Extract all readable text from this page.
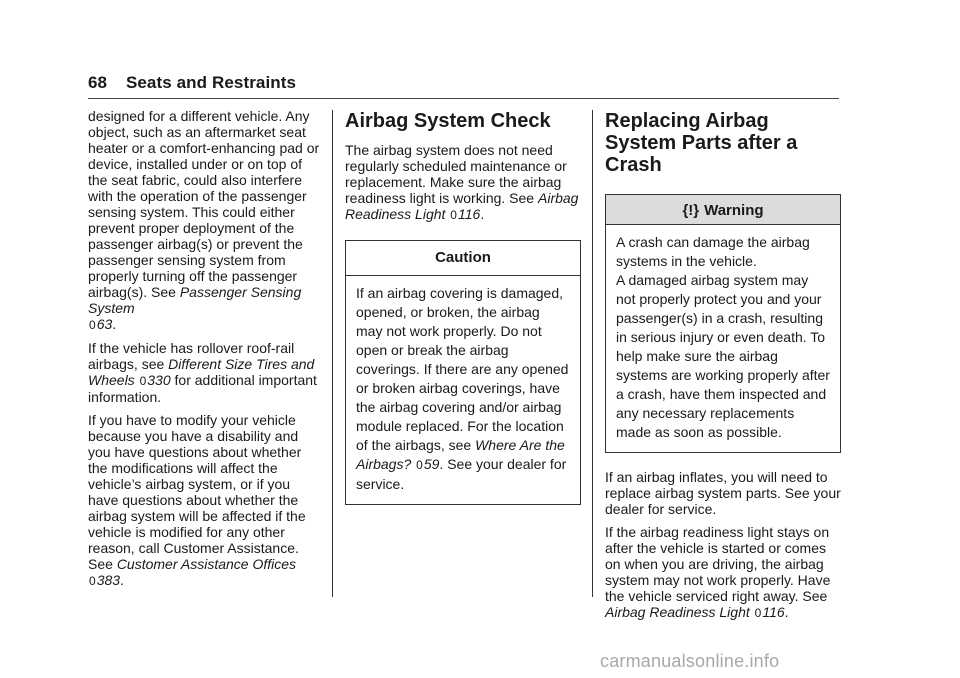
68 Seats and Restraints

designed for a different vehicle. Any object, such as an aftermarket seat heater or a comfort-enhancing pad or device, installed under or on top of the seat fabric, could also interfere with the operation of the passenger sensing system. This could either prevent proper deployment of the passenger airbag(s) or prevent the passenger sensing system from properly turning off the passenger airbag(s). See Passenger Sensing System
063.

If the vehicle has rollover roof-rail airbags, see Different Size Tires and Wheels 0330 for additional important information.

If you have to modify your vehicle because you have a disability and you have questions about whether the modifications will affect the vehicle’s airbag system, or if you have questions about whether the airbag system will be affected if the vehicle is modified for any other reason, call Customer Assistance. See Customer Assistance Offices
0383.

Airbag System Check

The airbag system does not need regularly scheduled maintenance or replacement. Make sure the airbag readiness light is working. See Airbag Readiness Light 0116.

Caution

If an airbag covering is damaged, opened, or broken, the airbag may not work properly. Do not open or break the airbag coverings. If there are any opened or broken airbag coverings, have the airbag covering and/or airbag module replaced. For the location of the airbags, see Where Are the Airbags? 059. See your dealer for service.

Replacing Airbag System Parts after a Crash
{!} Warning

A crash can damage the airbag systems in the vehicle.

A damaged airbag system may not properly protect you and your passenger(s) in a crash, resulting in serious injury or even death. To help make sure the airbag systems are working properly after a crash, have them inspected and any necessary replacements made as soon as possible.

If an airbag inflates, you will need to replace airbag system parts. See your dealer for service.

If the airbag readiness light stays on after the vehicle is started or comes on when you are driving, the airbag system may not work properly. Have the vehicle serviced right away. See Airbag Readiness Light 0116.

carmanualsonline.info
